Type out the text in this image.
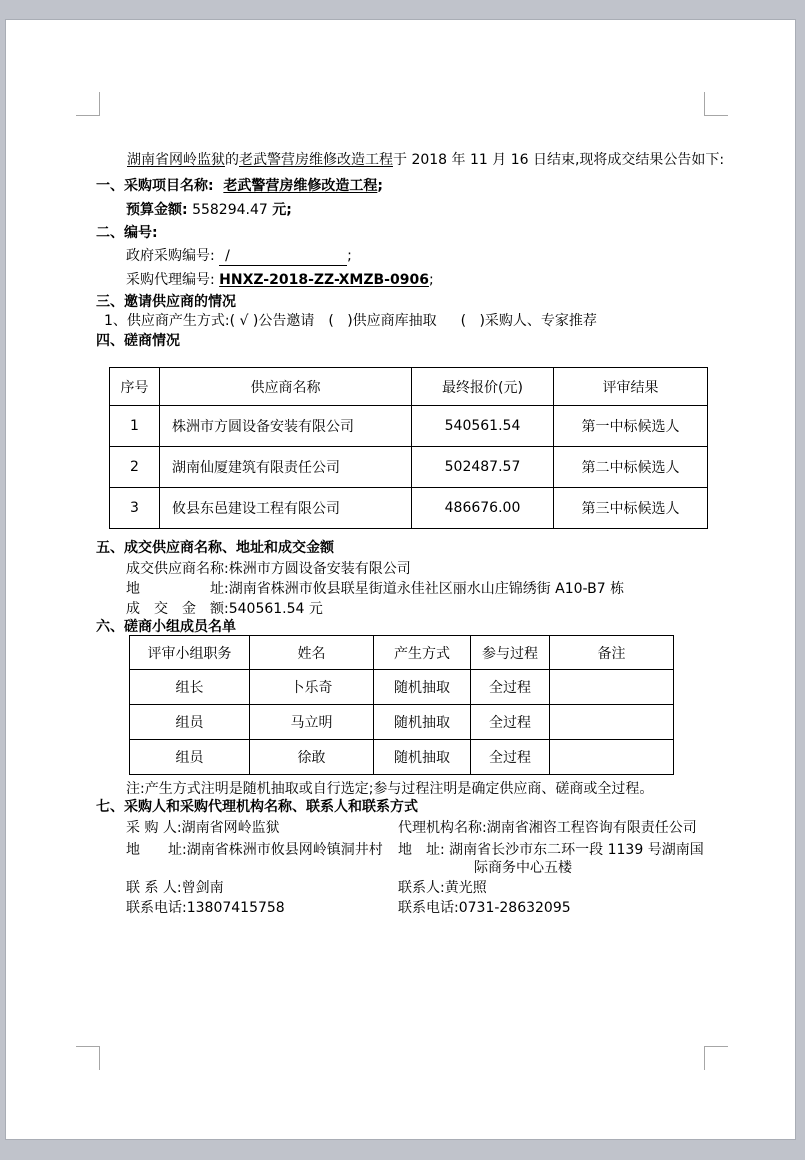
湖南省网岭监狱的老武警营房维修改造工程于 2018 年 11 月 16 日结束,现将成交结果公告如下:
一、采购项目名称: 老武警营房维修改造工程;
预算金额: 558294.47 元;
二、编号:
政府采购编号: /	;
采购代理编号: HNXZ-2018-ZZ-XMZB-0906;
三、邀请供应商的情况
1、供应商产生方式:( √ )公告邀请 (   )供应商库抽取 (   )采购人、专家推荐
四、磋商情况
序号	供应商名称	最终报价(元)	评审结果
1	株洲市方圆设备安装有限公司	540561.54	第一中标候选人
2	湖南仙厦建筑有限责任公司	502487.57	第二中标候选人
3	攸县东邑建设工程有限公司	486676.00	第三中标候选人
五、成交供应商名称、地址和成交金额
成交供应商名称:株洲市方圆设备安装有限公司
地　　　　　址:湖南省株洲市攸县联星街道永佳社区丽水山庄锦绣街 A10-B7 栋
成　交　金　额:540561.54 元
六、磋商小组成员名单
评审小组职务	姓名	产生方式	参与过程	备注
组长	卜乐奇	随机抽取	全过程	
组员	马立明	随机抽取	全过程	
组员	徐敢	随机抽取	全过程	
注:产生方式注明是随机抽取或自行选定;参与过程注明是确定供应商、磋商或全过程。
七、采购人和采购代理机构名称、联系人和联系方式
采 购 人:湖南省网岭监狱	代理机构名称:湖南省湘咨工程咨询有限责任公司
地　　址:湖南省株洲市攸县网岭镇洞井村 地　址: 湖南省长沙市东二环一段 1139 号湖南国
际商务中心五楼
联 系 人:曾剑南	联系人:黄光照
联系电话:13807415758	联系电话:0731-28632095
